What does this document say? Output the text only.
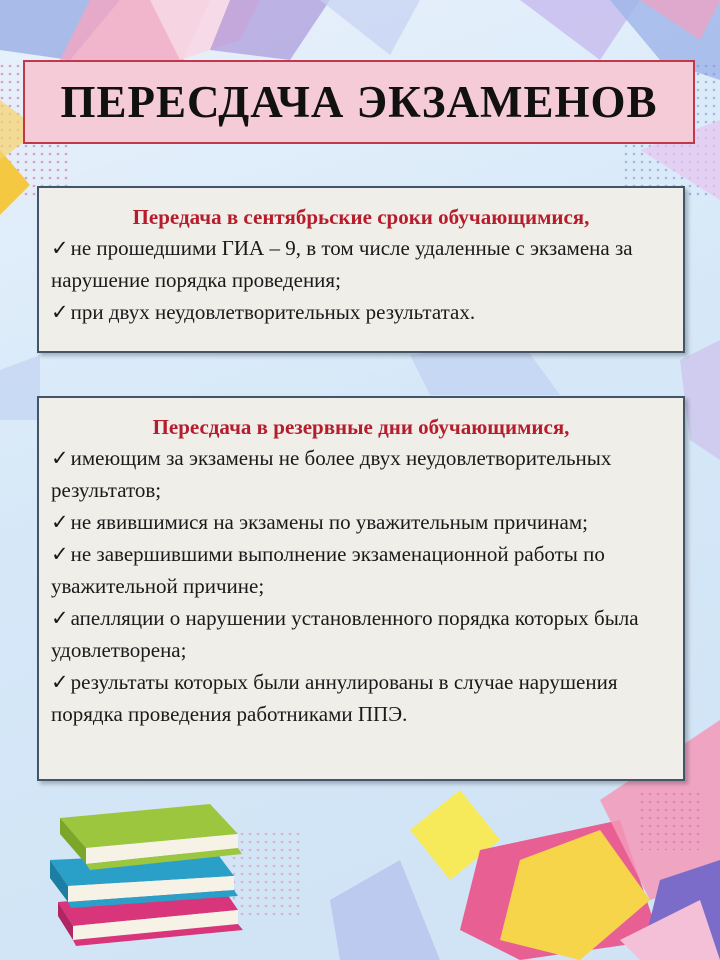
ПЕРЕСДАЧА ЭКЗАМЕНОВ
Передача в сентябрьские сроки обучающимися,
✓не прошедшими ГИА – 9, в том числе удаленные с экзамена за нарушение порядка проведения;
✓при двух неудовлетворительных результатах.
Пересдача в резервные дни обучающимися,
✓имеющим за экзамены не более двух неудовлетворительных результатов;
✓не явившимися на экзамены по уважительным причинам;
✓не завершившими выполнение экзаменационной работы по уважительной причине;
✓апелляции о нарушении установленного порядка которых была удовлетворена;
✓результаты которых были аннулированы в случае нарушения порядка проведения работниками ППЭ.
